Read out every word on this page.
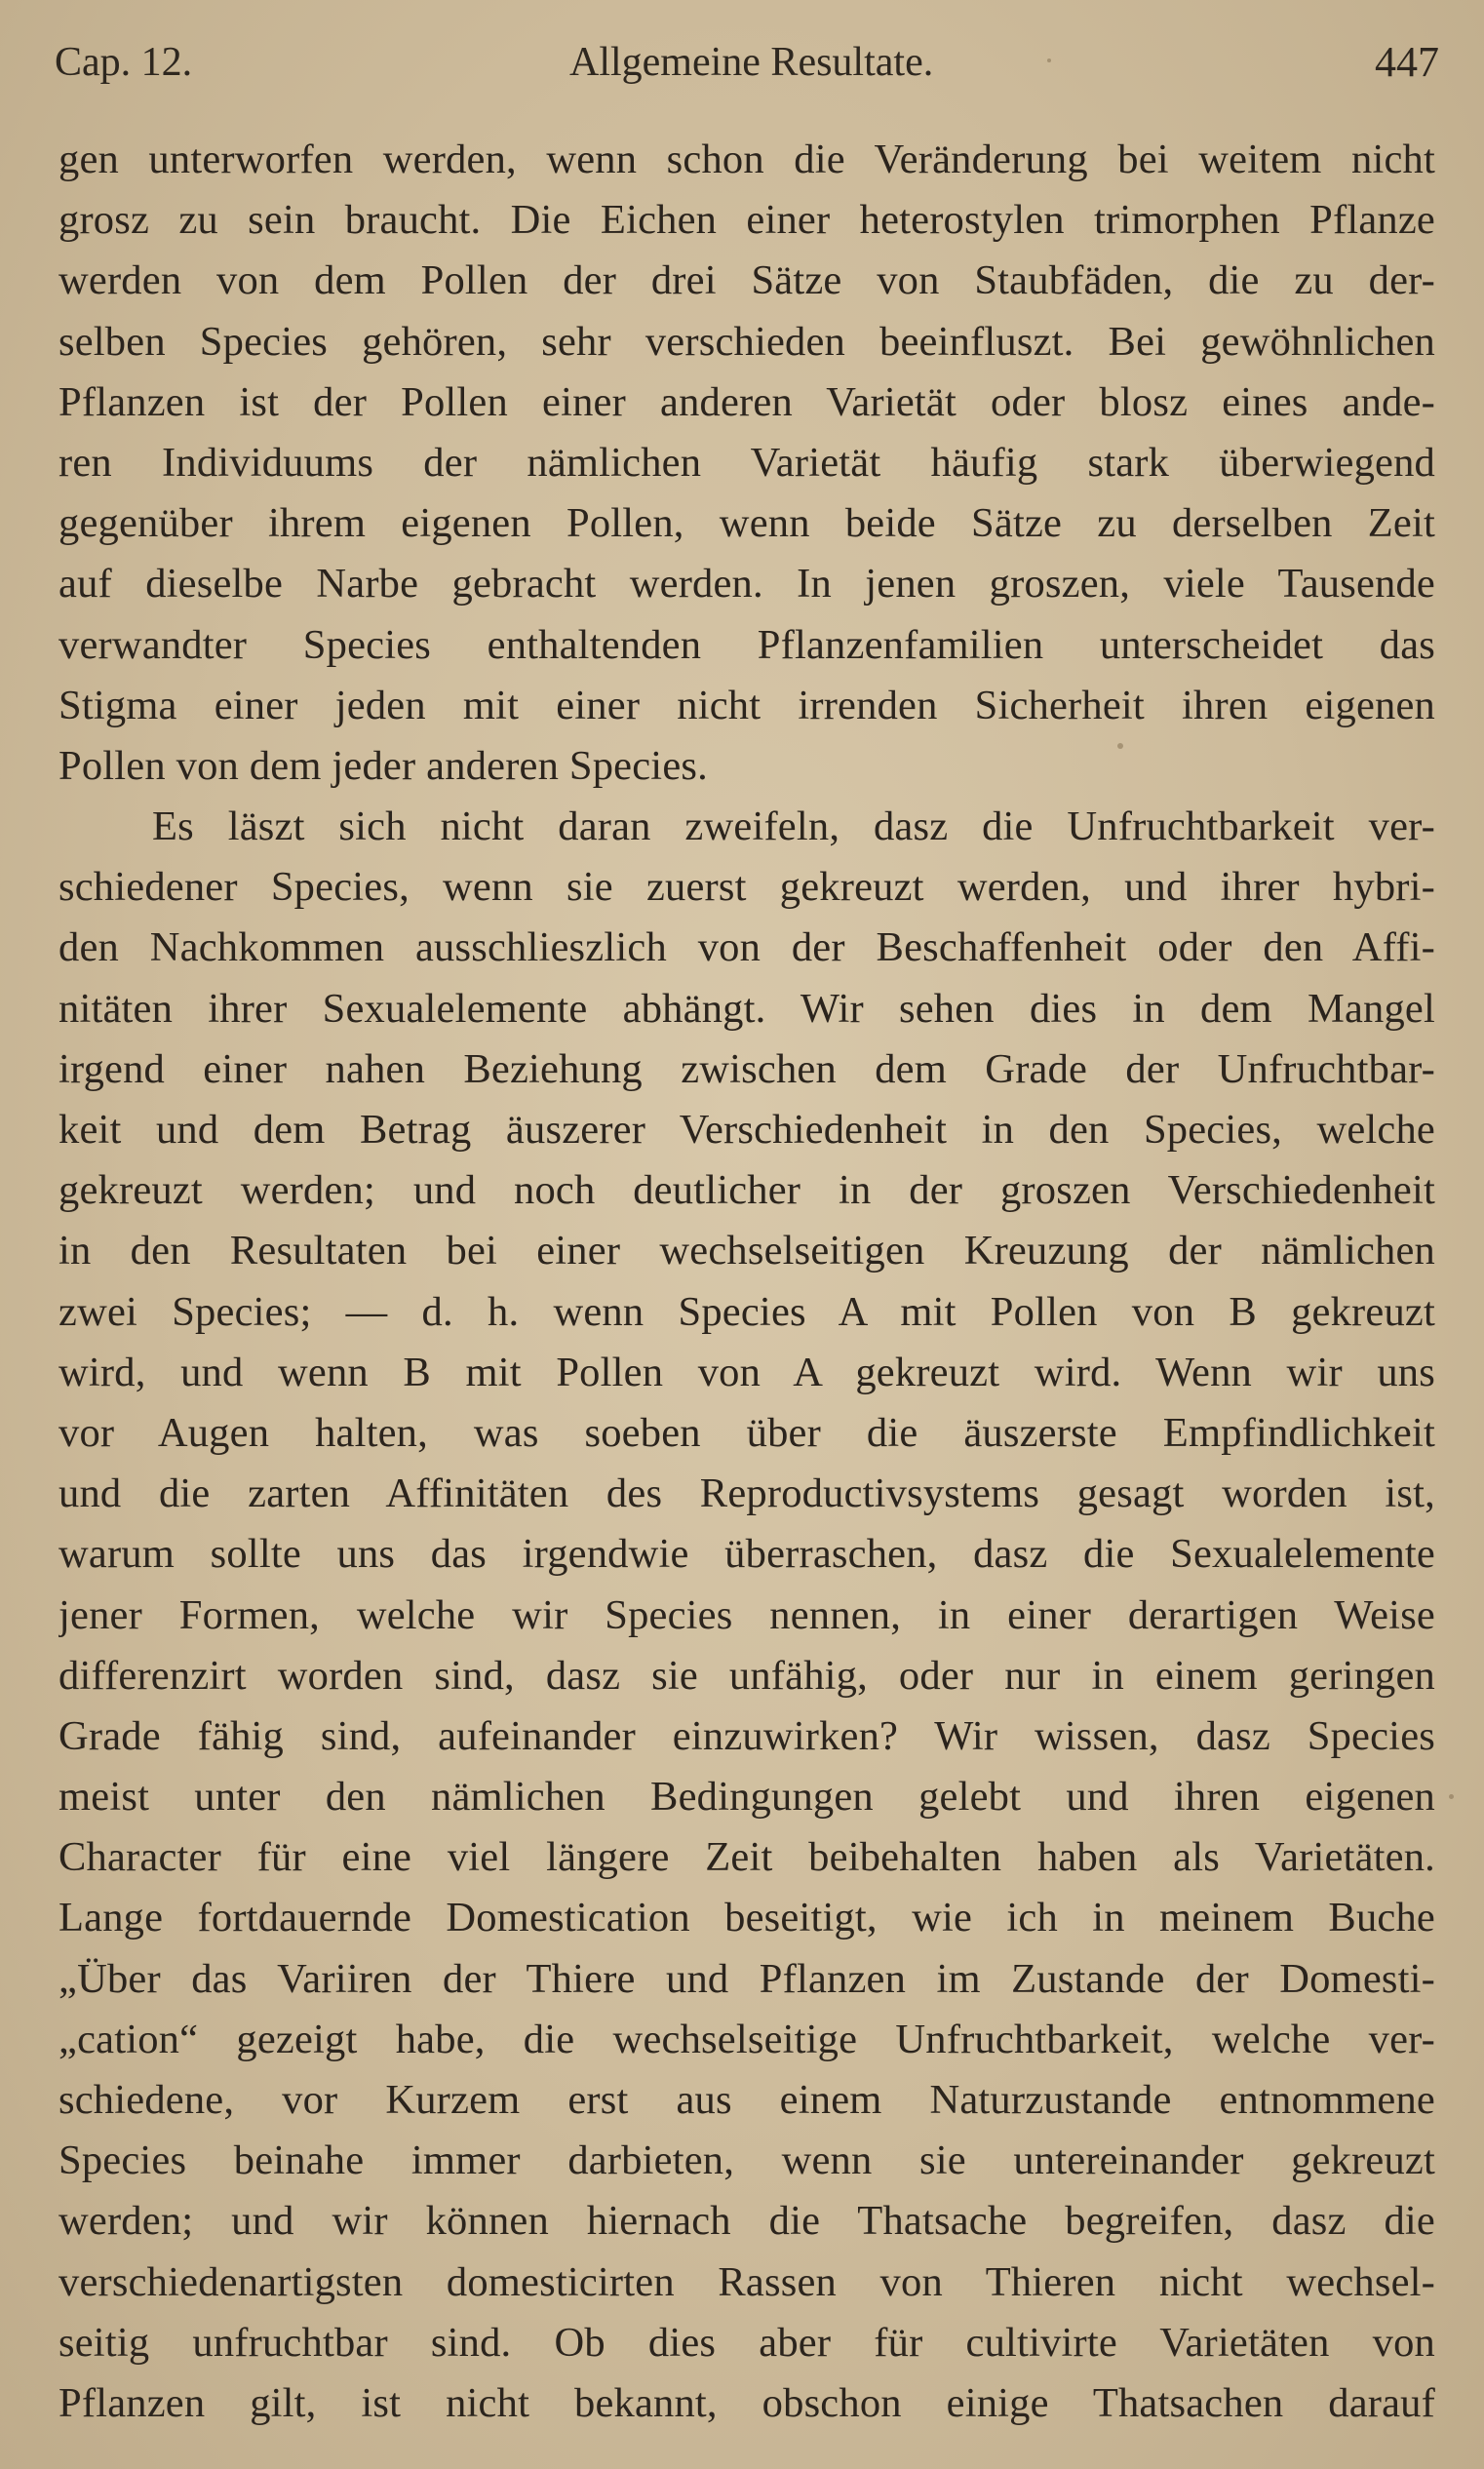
Cap. 12.	Allgemeine Resultate.	447
gen unterworfen werden, wenn schon die Veränderung bei weitem nicht
grosz zu sein braucht. Die Eichen einer heterostylen trimorphen Pflanze
werden von dem Pollen der drei Sätze von Staubfäden, die zu der-
selben Species gehören, sehr verschieden beeinfluszt. Bei gewöhnlichen
Pflanzen ist der Pollen einer anderen Varietät oder blosz eines ande-
ren Individuums der nämlichen Varietät häufig stark überwiegend
gegenüber ihrem eigenen Pollen, wenn beide Sätze zu derselben Zeit
auf dieselbe Narbe gebracht werden. In jenen groszen, viele Tausende
verwandter Species enthaltenden Pflanzenfamilien unterscheidet das
Stigma einer jeden mit einer nicht irrenden Sicherheit ihren eigenen
Pollen von dem jeder anderen Species.
Es läszt sich nicht daran zweifeln, dasz die Unfruchtbarkeit ver-
schiedener Species, wenn sie zuerst gekreuzt werden, und ihrer hybri-
den Nachkommen ausschlieszlich von der Beschaffenheit oder den Affi-
nitäten ihrer Sexualelemente abhängt. Wir sehen dies in dem Mangel
irgend einer nahen Beziehung zwischen dem Grade der Unfruchtbar-
keit und dem Betrag äuszerer Verschiedenheit in den Species, welche
gekreuzt werden; und noch deutlicher in der groszen Verschiedenheit
in den Resultaten bei einer wechselseitigen Kreuzung der nämlichen
zwei Species; — d. h. wenn Species A mit Pollen von B gekreuzt
wird, und wenn B mit Pollen von A gekreuzt wird. Wenn wir uns
vor Augen halten, was soeben über die äuszerste Empfindlichkeit
und die zarten Affinitäten des Reproductivsystems gesagt worden ist,
warum sollte uns das irgendwie überraschen, dasz die Sexualelemente
jener Formen, welche wir Species nennen, in einer derartigen Weise
differenzirt worden sind, dasz sie unfähig, oder nur in einem geringen
Grade fähig sind, aufeinander einzuwirken? Wir wissen, dasz Species
meist unter den nämlichen Bedingungen gelebt und ihren eigenen
Character für eine viel längere Zeit beibehalten haben als Varietäten.
Lange fortdauernde Domestication beseitigt, wie ich in meinem Buche
„Über das Variiren der Thiere und Pflanzen im Zustande der Domesti-
„cation“ gezeigt habe, die wechselseitige Unfruchtbarkeit, welche ver-
schiedene, vor Kurzem erst aus einem Naturzustande entnommene
Species beinahe immer darbieten, wenn sie untereinander gekreuzt
werden; und wir können hiernach die Thatsache begreifen, dasz die
verschiedenartigsten domesticirten Rassen von Thieren nicht wechsel-
seitig unfruchtbar sind. Ob dies aber für cultivirte Varietäten von
Pflanzen gilt, ist nicht bekannt, obschon einige Thatsachen darauf
